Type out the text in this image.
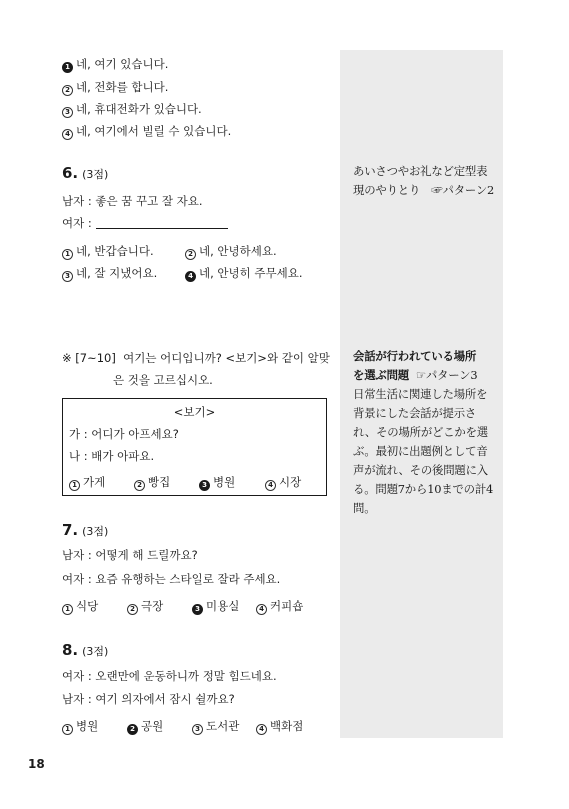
1 네, 여기 있습니다.
2 네, 전화를 합니다.
3 네, 휴대전화가 있습니다.
4 네, 여기에서 빌릴 수 있습니다.
6. (3점)
남자 : 좋은 꿈 꾸고 잘 자요.
여자 :
1 네, 반갑습니다.	2 네, 안녕하세요.
3 네, 잘 지냈어요.	4 네, 안녕히 주무세요.
※ [7~10] 여기는 어디입니까? <보기>와 같이 알맞
은 것을 고르십시오.
<보기>
가 : 어디가 아프세요?
나 : 배가 아파요.
1 가게	2 빵집	3 병원	4 시장
7. (3점)
남자 : 어떻게 해 드릴까요?
여자 : 요즘 유행하는 스타일로 잘라 주세요.
1 식당	2 극장	3 미용실	4 커피숍
8. (3점)
여자 : 오랜만에 운동하니까 정말 힘드네요.
남자 : 여기 의자에서 잠시 쉴까요?
1 병원	2 공원	3 도서관	4 백화점
あいさつやお礼など定型表
現のやりとり　☞パターン2
会話が行われている場所
を選ぶ問題 ☞パターン3
日常生活に関連した場所を背景にした会話が提示され、その場所がどこかを選ぶ。最初に出題例として音声が流れ、その後問題に入る。問題7から10までの計4問。
18
